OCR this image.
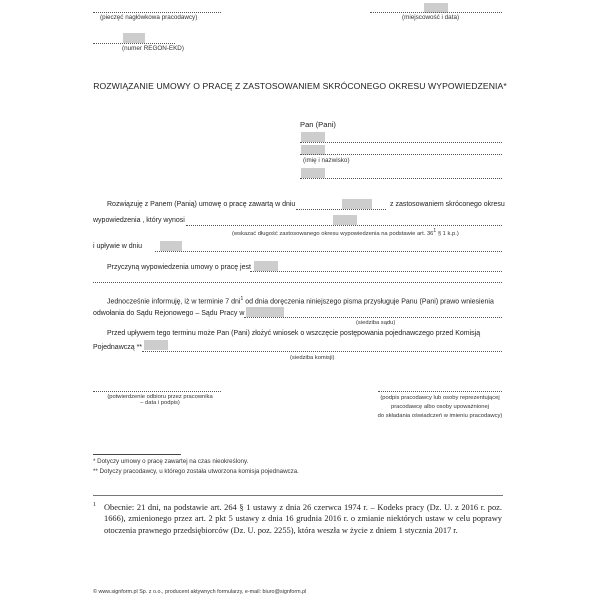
(pieczęć nagłówkowa pracodawcy)	(miejscowość i data)
(numer REGON-EKD)
ROZWIĄZANIE UMOWY O PRACĘ Z ZASTOSOWANIEM SKRÓCONEGO OKRESU WYPOWIEDZENIA*
Pan (Pani)
(imię i nazwisko)
Rozwiązuję z Panem (Panią) umowę o pracę zawartą w dniu	z zastosowaniem skróconego okresu
wypowiedzenia , który wynosi
(wskazać długość zastosowanego okresu wypowiedzenia na podstawie art. 361 § 1 k.p.)
i upływie w dniu
Przyczyną wypowiedzenia umowy o pracę jest
Jednocześnie informuję, iż w terminie 7 dni$^1$ od dnia doręczenia niniejszego pisma przysługuje Panu (Pani) prawo wniesienia
odwołania do Sądu Rejonowego – Sądu Pracy w
(siedziba sądu)
Przed upływem tego terminu może Pan (Pani) złożyć wniosek o wszczęcie postępowania pojednawczego przed Komisją
Pojednawczą **
(siedziba komisji)
(potwierdzenie odbioru przez pracownika
– data i podpis)
(podpis pracodawcy lub osoby reprezentującej
pracodawcę albo osoby upoważnionej
do składania oświadczeń w imieniu pracodawcy)
* Dotyczy umowy o pracę zawartej na czas nieokreślony.
** Dotyczy pracodawcy, u którego została utworzona komisja pojednawcza.
1 Obecnie: 21 dni, na podstawie art. 264 § 1 ustawy z dnia 26 czerwca 1974 r. – Kodeks pracy (Dz. U. z 2016 r. poz. 1666), zmienionego przez art. 2 pkt 5 ustawy z dnia 16 grudnia 2016 r. o zmianie niektórych ustaw w celu poprawy otoczenia prawnego przedsiębiorców (Dz. U. poz. 2255), która weszła w życie z dniem 1 stycznia 2017 r.
© www.signform.pl Sp. z o.o., producent aktywnych formularzy, e-mail: biuro@signform.pl
